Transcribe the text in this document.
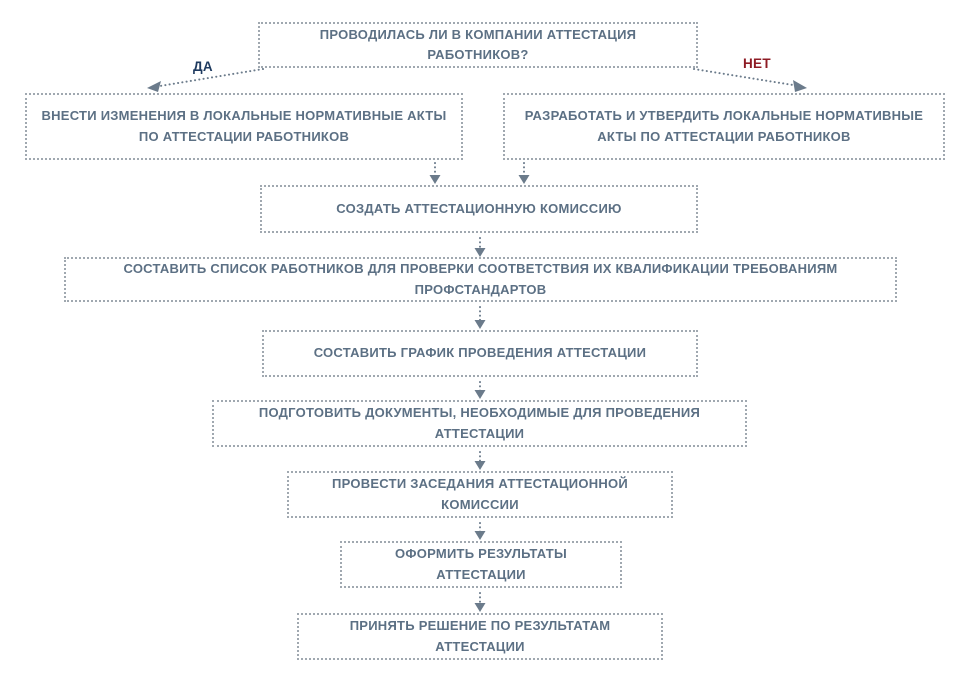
ПРОВОДИЛАСЬ ЛИ В КОМПАНИИ АТТЕСТАЦИЯ РАБОТНИКОВ?
ДА	НЕТ
ВНЕСТИ ИЗМЕНЕНИЯ В ЛОКАЛЬНЫЕ НОРМАТИВНЫЕ АКТЫ ПО АТТЕСТАЦИИ РАБОТНИКОВ
РАЗРАБОТАТЬ И УТВЕРДИТЬ ЛОКАЛЬНЫЕ НОРМАТИВНЫЕ АКТЫ ПО АТТЕСТАЦИИ РАБОТНИКОВ
СОЗДАТЬ АТТЕСТАЦИОННУЮ КОМИССИЮ
СОСТАВИТЬ СПИСОК РАБОТНИКОВ ДЛЯ ПРОВЕРКИ СООТВЕТСТВИЯ ИХ КВАЛИФИКАЦИИ ТРЕБОВАНИЯМ ПРОФСТАНДАРТОВ
СОСТАВИТЬ ГРАФИК ПРОВЕДЕНИЯ АТТЕСТАЦИИ
ПОДГОТОВИТЬ ДОКУМЕНТЫ, НЕОБХОДИМЫЕ ДЛЯ ПРОВЕДЕНИЯ АТТЕСТАЦИИ
ПРОВЕСТИ ЗАСЕДАНИЯ АТТЕСТАЦИОННОЙ КОМИССИИ
ОФОРМИТЬ РЕЗУЛЬТАТЫ АТТЕСТАЦИИ
ПРИНЯТЬ РЕШЕНИЕ ПО РЕЗУЛЬТАТАМ АТТЕСТАЦИИ
